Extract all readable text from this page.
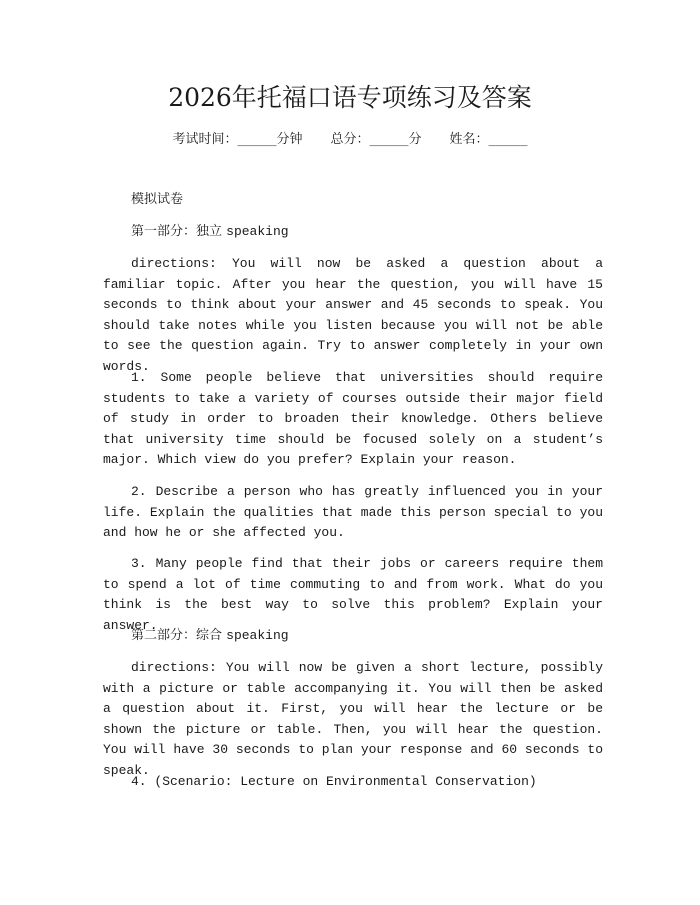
2026年托福口语专项练习及答案
考试时间：______分钟 总分：______分 姓名：______

模拟试卷

第一部分：独立 speaking

directions: You will now be asked a question about a familiar topic. After you hear the question, you will have 15 seconds to think about your answer and 45 seconds to speak. You should take notes while you listen because you will not be able to see the question again. Try to answer completely in your own words.

1. Some people believe that universities should require students to take a variety of courses outside their major field of study in order to broaden their knowledge. Others believe that university time should be focused solely on a student’s major. Which view do you prefer? Explain your reason.

2. Describe a person who has greatly influenced you in your life. Explain the qualities that made this person special to you and how he or she affected you.

3. Many people find that their jobs or careers require them to spend a lot of time commuting to and from work. What do you think is the best way to solve this problem? Explain your answer.

第二部分：综合 speaking

directions: You will now be given a short lecture, possibly with a picture or table accompanying it. You will then be asked a question about it. First, you will hear the lecture or be shown the picture or table. Then, you will hear the question. You will have 30 seconds to plan your response and 60 seconds to speak.

4. (Scenario: Lecture on Environmental Conservation)
